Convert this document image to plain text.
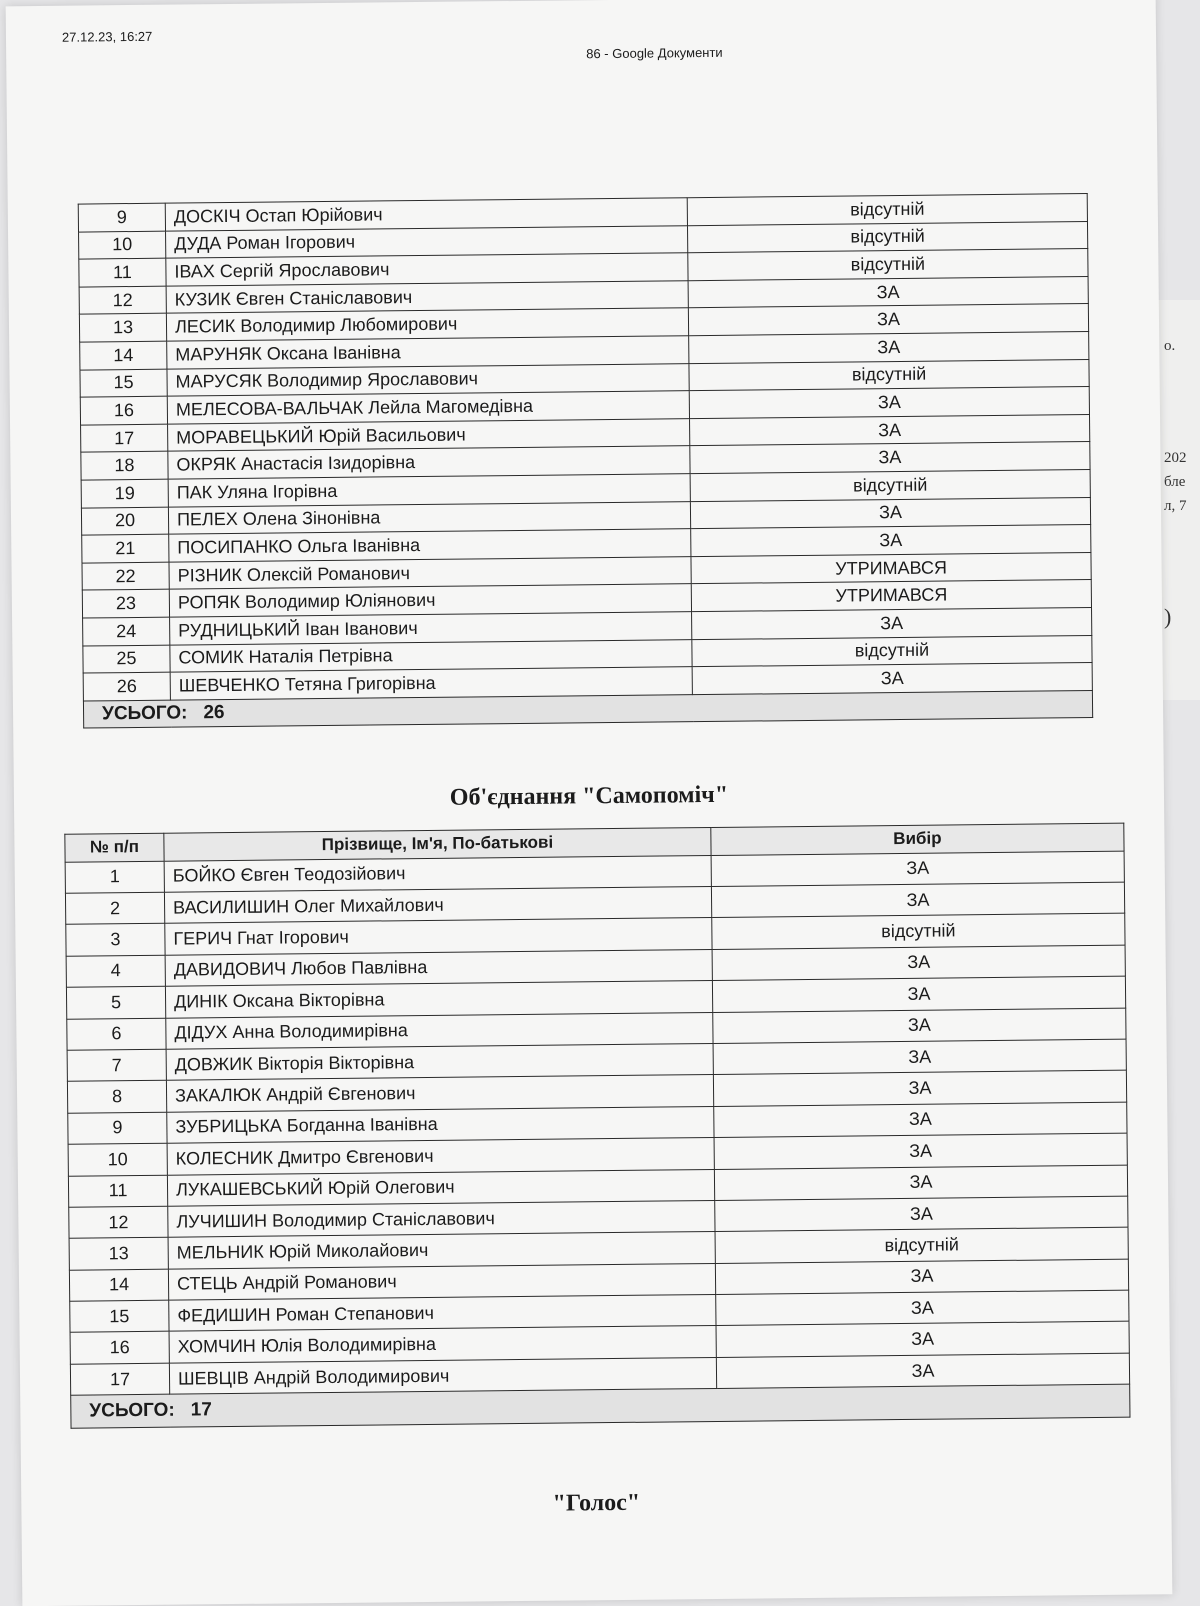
о.
202
бле
л, 7
)
27.12.23, 16:27
86 - Google Документи
9	ДОСКІЧ Остап Юрійович	відсутній
10	ДУДА Роман Ігорович	відсутній
11	ІВАХ Сергій Ярославович	відсутній
12	КУЗИК Євген Станіславович	ЗА
13	ЛЕСИК Володимир Любомирович	ЗА
14	МАРУНЯК Оксана Іванівна	ЗА
15	МАРУСЯК Володимир Ярославович	відсутній
16	МЕЛЕСОВА-ВАЛЬЧАК Лейла Магомедівна	ЗА
17	МОРАВЕЦЬКИЙ Юрій Васильович	ЗА
18	ОКРЯК Анастасія Ізидорівна	ЗА
19	ПАК Уляна Ігорівна	відсутній
20	ПЕЛЕХ Олена Зінонівна	ЗА
21	ПОСИПАНКО Ольга Іванівна	ЗА
22	РІЗНИК Олексій Романович	УТРИМАВСЯ
23	РОПЯК Володимир Юліянович	УТРИМАВСЯ
24	РУДНИЦЬКИЙ Іван Іванович	ЗА
25	СОМИК Наталія Петрівна	відсутній
26	ШЕВЧЕНКО Тетяна Григорівна	ЗА
УСЬОГО: 26		
Об'єднання "Самопоміч"
№ п/п	Прізвище, Ім'я, По-батькові	Вибір
1	БОЙКО Євген Теодозійович	ЗА
2	ВАСИЛИШИН Олег Михайлович	ЗА
3	ГЕРИЧ Гнат Ігорович	відсутній
4	ДАВИДОВИЧ Любов Павлівна	ЗА
5	ДИНІК Оксана Вікторівна	ЗА
6	ДІДУХ Анна Володимирівна	ЗА
7	ДОВЖИК Вікторія Вікторівна	ЗА
8	ЗАКАЛЮК Андрій Євгенович	ЗА
9	ЗУБРИЦЬКА Богданна Іванівна	ЗА
10	КОЛЕСНИК Дмитро Євгенович	ЗА
11	ЛУКАШЕВСЬКИЙ Юрій Олегович	ЗА
12	ЛУЧИШИН Володимир Станіславович	ЗА
13	МЕЛЬНИК Юрій Миколайович	відсутній
14	СТЕЦЬ Андрій Романович	ЗА
15	ФЕДИШИН Роман Степанович	ЗА
16	ХОМЧИН Юлія Володимирівна	ЗА
17	ШЕВЦІВ Андрій Володимирович	ЗА
УСЬОГО: 17		
"Голос"
